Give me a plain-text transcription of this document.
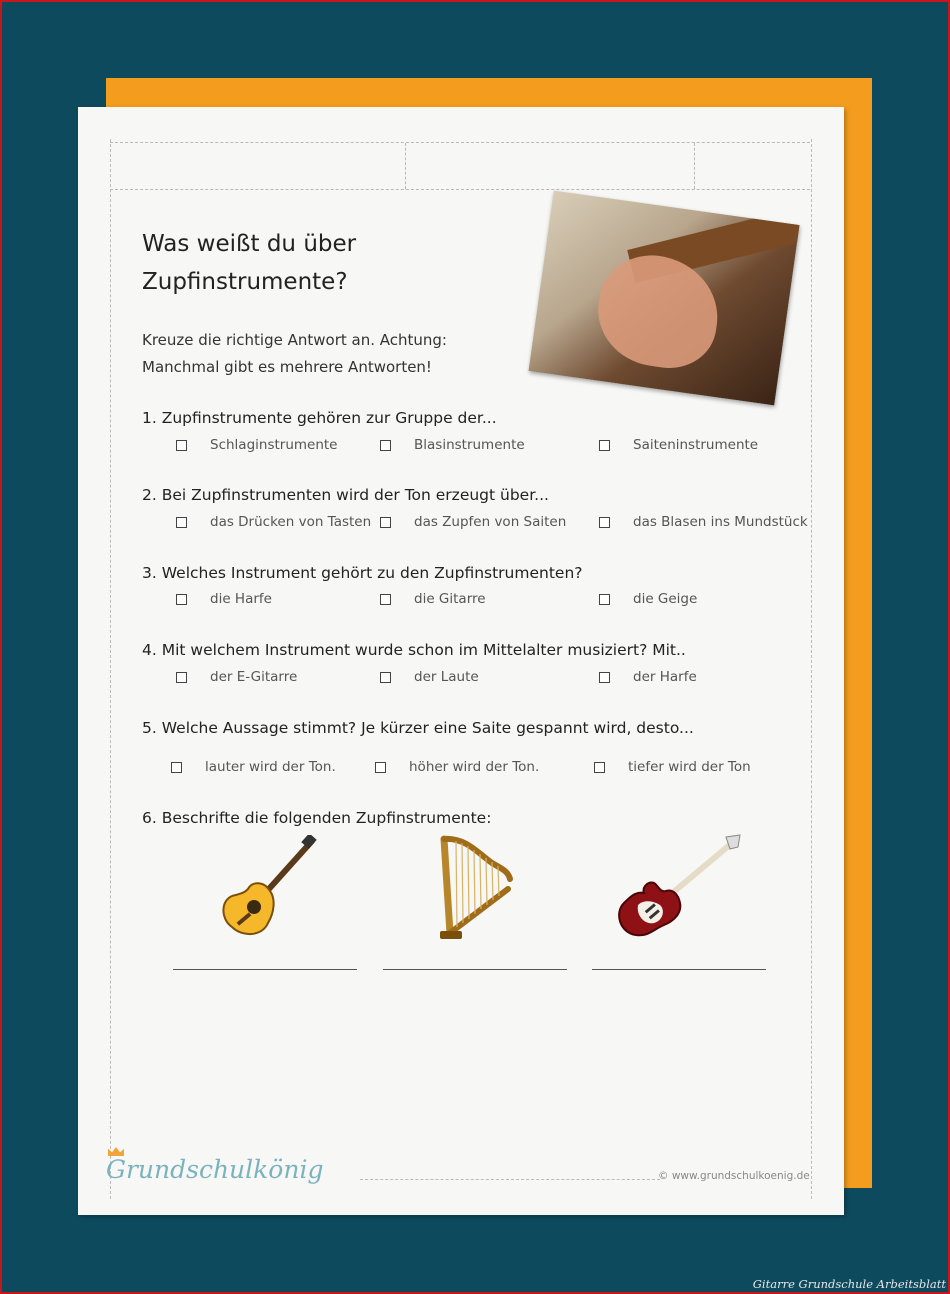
Was weißt du über
Zupfinstrumente?
Kreuze die richtige Antwort an. Achtung:
Manchmal gibt es mehrere Antworten!
1. Zupfinstrumente gehören zur Gruppe der...
Schlaginstrumente	Blasinstrumente	Saiteninstrumente
2. Bei Zupfinstrumenten wird der Ton erzeugt über...
das Drücken von Tasten	das Zupfen von Saiten	das Blasen ins Mundstück
3. Welches Instrument gehört zu den Zupfinstrumenten?
die Harfe	die Gitarre	die Geige
4. Mit welchem Instrument wurde schon im Mittelalter musiziert? Mit..
der E-Gitarre	der Laute	der Harfe
5. Welche Aussage stimmt? Je kürzer eine Saite gespannt wird, desto...
lauter wird der Ton.	höher wird der Ton.	tiefer wird der Ton
6. Beschrifte die folgenden Zupfinstrumente:
Grundschulkönig	© www.grundschulkoenig.de
Gitarre Grundschule Arbeitsblatt
